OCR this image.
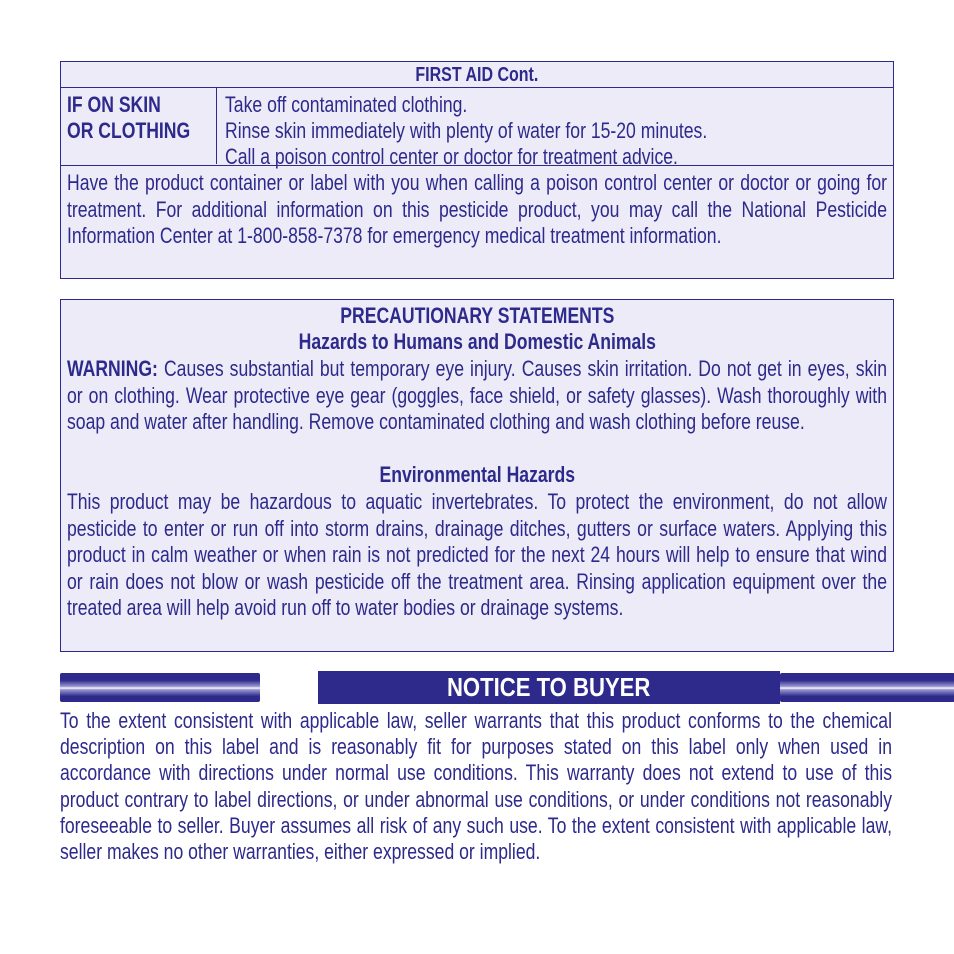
FIRST AID Cont.
IF ON SKIN
OR CLOTHING
Take off contaminated clothing.
Rinse skin immediately with plenty of water for 15-20 minutes.
Call a poison control center or doctor for treatment advice.

Have the product container or label with you when calling a poison control center or doctor or going for treatment. For additional information on this pesticide product, you may call the National Pesticide Information Center at 1-800-858-7378 for emergency medical treatment information.

PRECAUTIONARY STATEMENTS
Hazards to Humans and Domestic Animals

WARNING: Causes substantial but temporary eye injury. Causes skin irritation. Do not get in eyes, skin or on clothing. Wear protective eye gear (goggles, face shield, or safety glasses). Wash thoroughly with soap and water after handling. Remove contaminated clothing and wash clothing before reuse.

Environmental Hazards

This product may be hazardous to aquatic invertebrates. To protect the environment, do not allow pesticide to enter or run off into storm drains, drainage ditches, gutters or surface waters. Applying this product in calm weather or when rain is not predicted for the next 24 hours will help to ensure that wind or rain does not blow or wash pesticide off the treatment area. Rinsing application equipment over the treated area will help avoid run off to water bodies or drainage systems.

NOTICE TO BUYER

To the extent consistent with applicable law, seller warrants that this product conforms to the chemical description on this label and is reasonably fit for purposes stated on this label only when used in accordance with directions under normal use conditions. This warranty does not extend to use of this product contrary to label directions, or under abnormal use conditions, or under conditions not reasonably foreseeable to seller. Buyer assumes all risk of any such use. To the extent consistent with applicable law, seller makes no other warranties, either expressed or implied.
